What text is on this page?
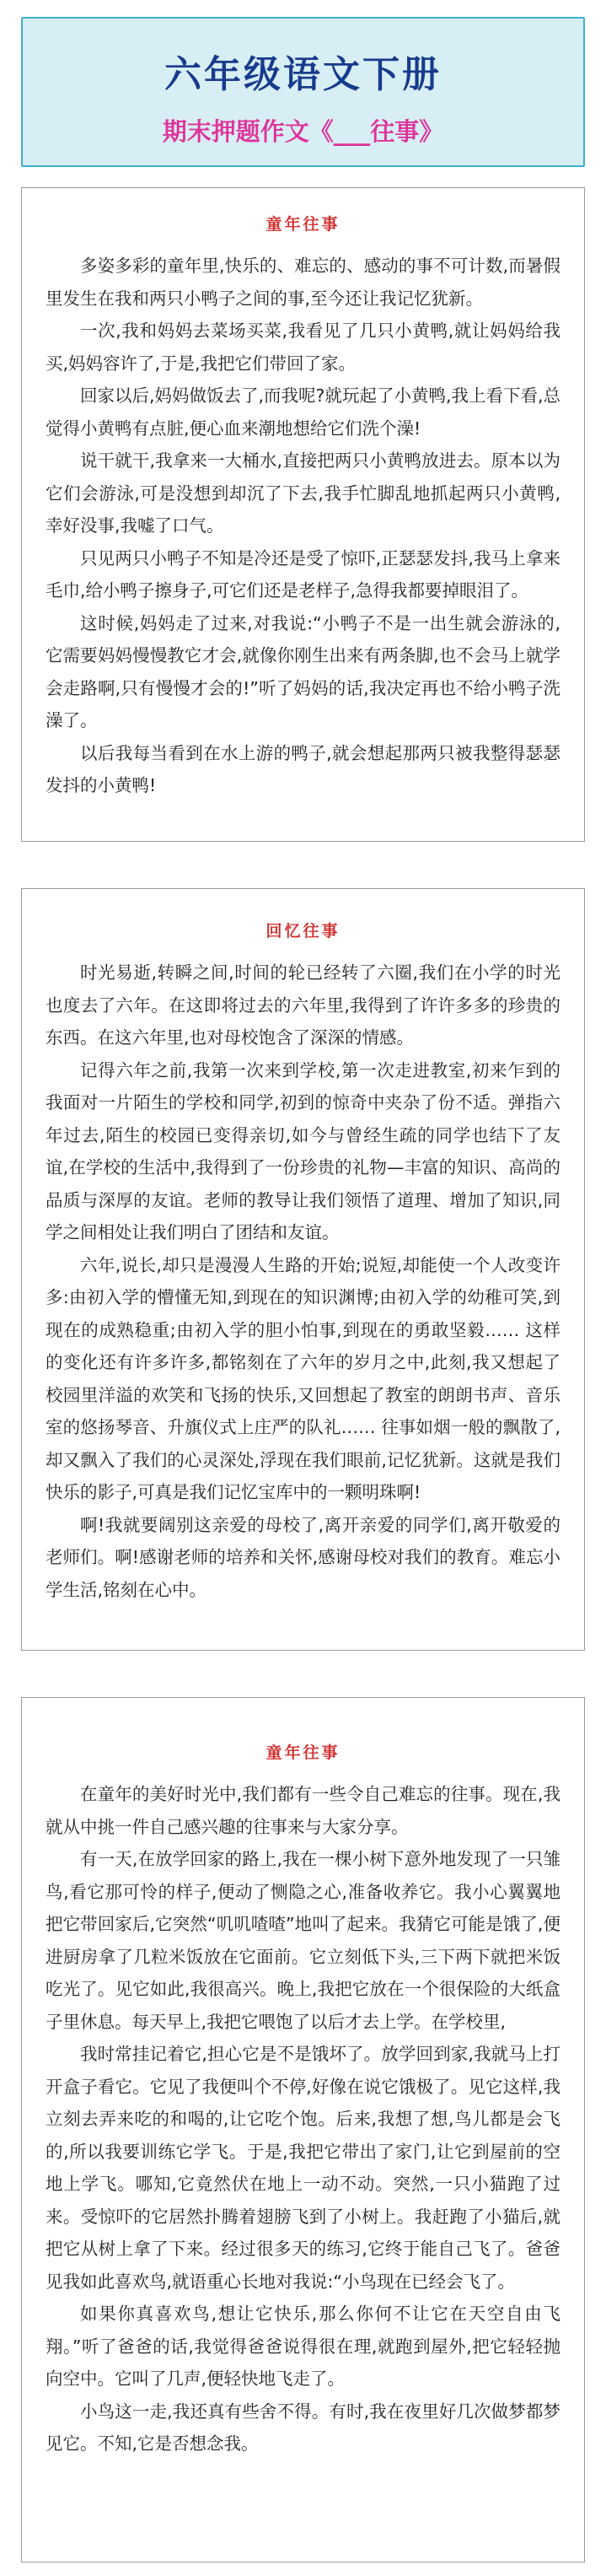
六年级语文下册
期末押题作文《___往事》
童年往事

多姿多彩的童年里,快乐的、难忘的、感动的事不可计数,而暑假里发生在我和两只小鸭子之间的事,至今还让我记忆犹新。

一次,我和妈妈去菜场买菜,我看见了几只小黄鸭,就让妈妈给我买,妈妈容许了,于是,我把它们带回了家。

回家以后,妈妈做饭去了,而我呢?就玩起了小黄鸭,我上看下看,总觉得小黄鸭有点脏,便心血来潮地想给它们洗个澡!

说干就干,我拿来一大桶水,直接把两只小黄鸭放进去。原本以为它们会游泳,可是没想到却沉了下去,我手忙脚乱地抓起两只小黄鸭,幸好没事,我嘘了口气。

只见两只小鸭子不知是冷还是受了惊吓,正瑟瑟发抖,我马上拿来毛巾,给小鸭子擦身子,可它们还是老样子,急得我都要掉眼泪了。

这时候,妈妈走了过来,对我说:“小鸭子不是一出生就会游泳的,它需要妈妈慢慢教它才会,就像你刚生出来有两条脚,也不会马上就学会走路啊,只有慢慢才会的!”听了妈妈的话,我决定再也不给小鸭子洗澡了。

以后我每当看到在水上游的鸭子,就会想起那两只被我整得瑟瑟发抖的小黄鸭!

回忆往事

时光易逝,转瞬之间,时间的轮已经转了六圈,我们在小学的时光也度去了六年。在这即将过去的六年里,我得到了许许多多的珍贵的东西。在这六年里,也对母校饱含了深深的情感。

记得六年之前,我第一次来到学校,第一次走进教室,初来乍到的我面对一片陌生的学校和同学,初到的惊奇中夹杂了份不适。弹指六年过去,陌生的校园已变得亲切,如今与曾经生疏的同学也结下了友谊,在学校的生活中,我得到了一份珍贵的礼物—丰富的知识、高尚的品质与深厚的友谊。老师的教导让我们领悟了道理、增加了知识,同学之间相处让我们明白了团结和友谊。

六年,说长,却只是漫漫人生路的开始;说短,却能使一个人改变许多:由初入学的懵懂无知,到现在的知识渊博;由初入学的幼稚可笑,到现在的成熟稳重;由初入学的胆小怕事,到现在的勇敢坚毅…… 这样的变化还有许多许多,都铭刻在了六年的岁月之中,此刻,我又想起了校园里洋溢的欢笑和飞扬的快乐,又回想起了教室的朗朗书声、音乐室的悠扬琴音、升旗仪式上庄严的队礼…… 往事如烟一般的飘散了,却又飘入了我们的心灵深处,浮现在我们眼前,记忆犹新。这就是我们快乐的影子,可真是我们记忆宝库中的一颗明珠啊!

啊!我就要阔别这亲爱的母校了,离开亲爱的同学们,离开敬爱的老师们。啊!感谢老师的培养和关怀,感谢母校对我们的教育。难忘小学生活,铭刻在心中。

童年往事

在童年的美好时光中,我们都有一些令自己难忘的往事。现在,我就从中挑一件自己感兴趣的往事来与大家分享。

有一天,在放学回家的路上,我在一棵小树下意外地发现了一只雏鸟,看它那可怜的样子,便动了恻隐之心,准备收养它。我小心翼翼地把它带回家后,它突然“叽叽喳喳”地叫了起来。我猜它可能是饿了,便进厨房拿了几粒米饭放在它面前。它立刻低下头,三下两下就把米饭吃光了。见它如此,我很高兴。晚上,我把它放在一个很保险的大纸盒子里休息。每天早上,我把它喂饱了以后才去上学。在学校里,

我时常挂记着它,担心它是不是饿坏了。放学回到家,我就马上打开盒子看它。它见了我便叫个不停,好像在说它饿极了。见它这样,我立刻去弄来吃的和喝的,让它吃个饱。后来,我想了想,鸟儿都是会飞的,所以我要训练它学飞。于是,我把它带出了家门,让它到屋前的空地上学飞。哪知,它竟然伏在地上一动不动。突然,一只小猫跑了过来。受惊吓的它居然扑腾着翅膀飞到了小树上。我赶跑了小猫后,就把它从树上拿了下来。经过很多天的练习,它终于能自己飞了。爸爸见我如此喜欢鸟,就语重心长地对我说:“小鸟现在已经会飞了。

如果你真喜欢鸟,想让它快乐,那么你何不让它在天空自由飞翔。”听了爸爸的话,我觉得爸爸说得很在理,就跑到屋外,把它轻轻抛向空中。它叫了几声,便轻快地飞走了。

小鸟这一走,我还真有些舍不得。有时,我在夜里好几次做梦都梦见它。不知,它是否想念我。
